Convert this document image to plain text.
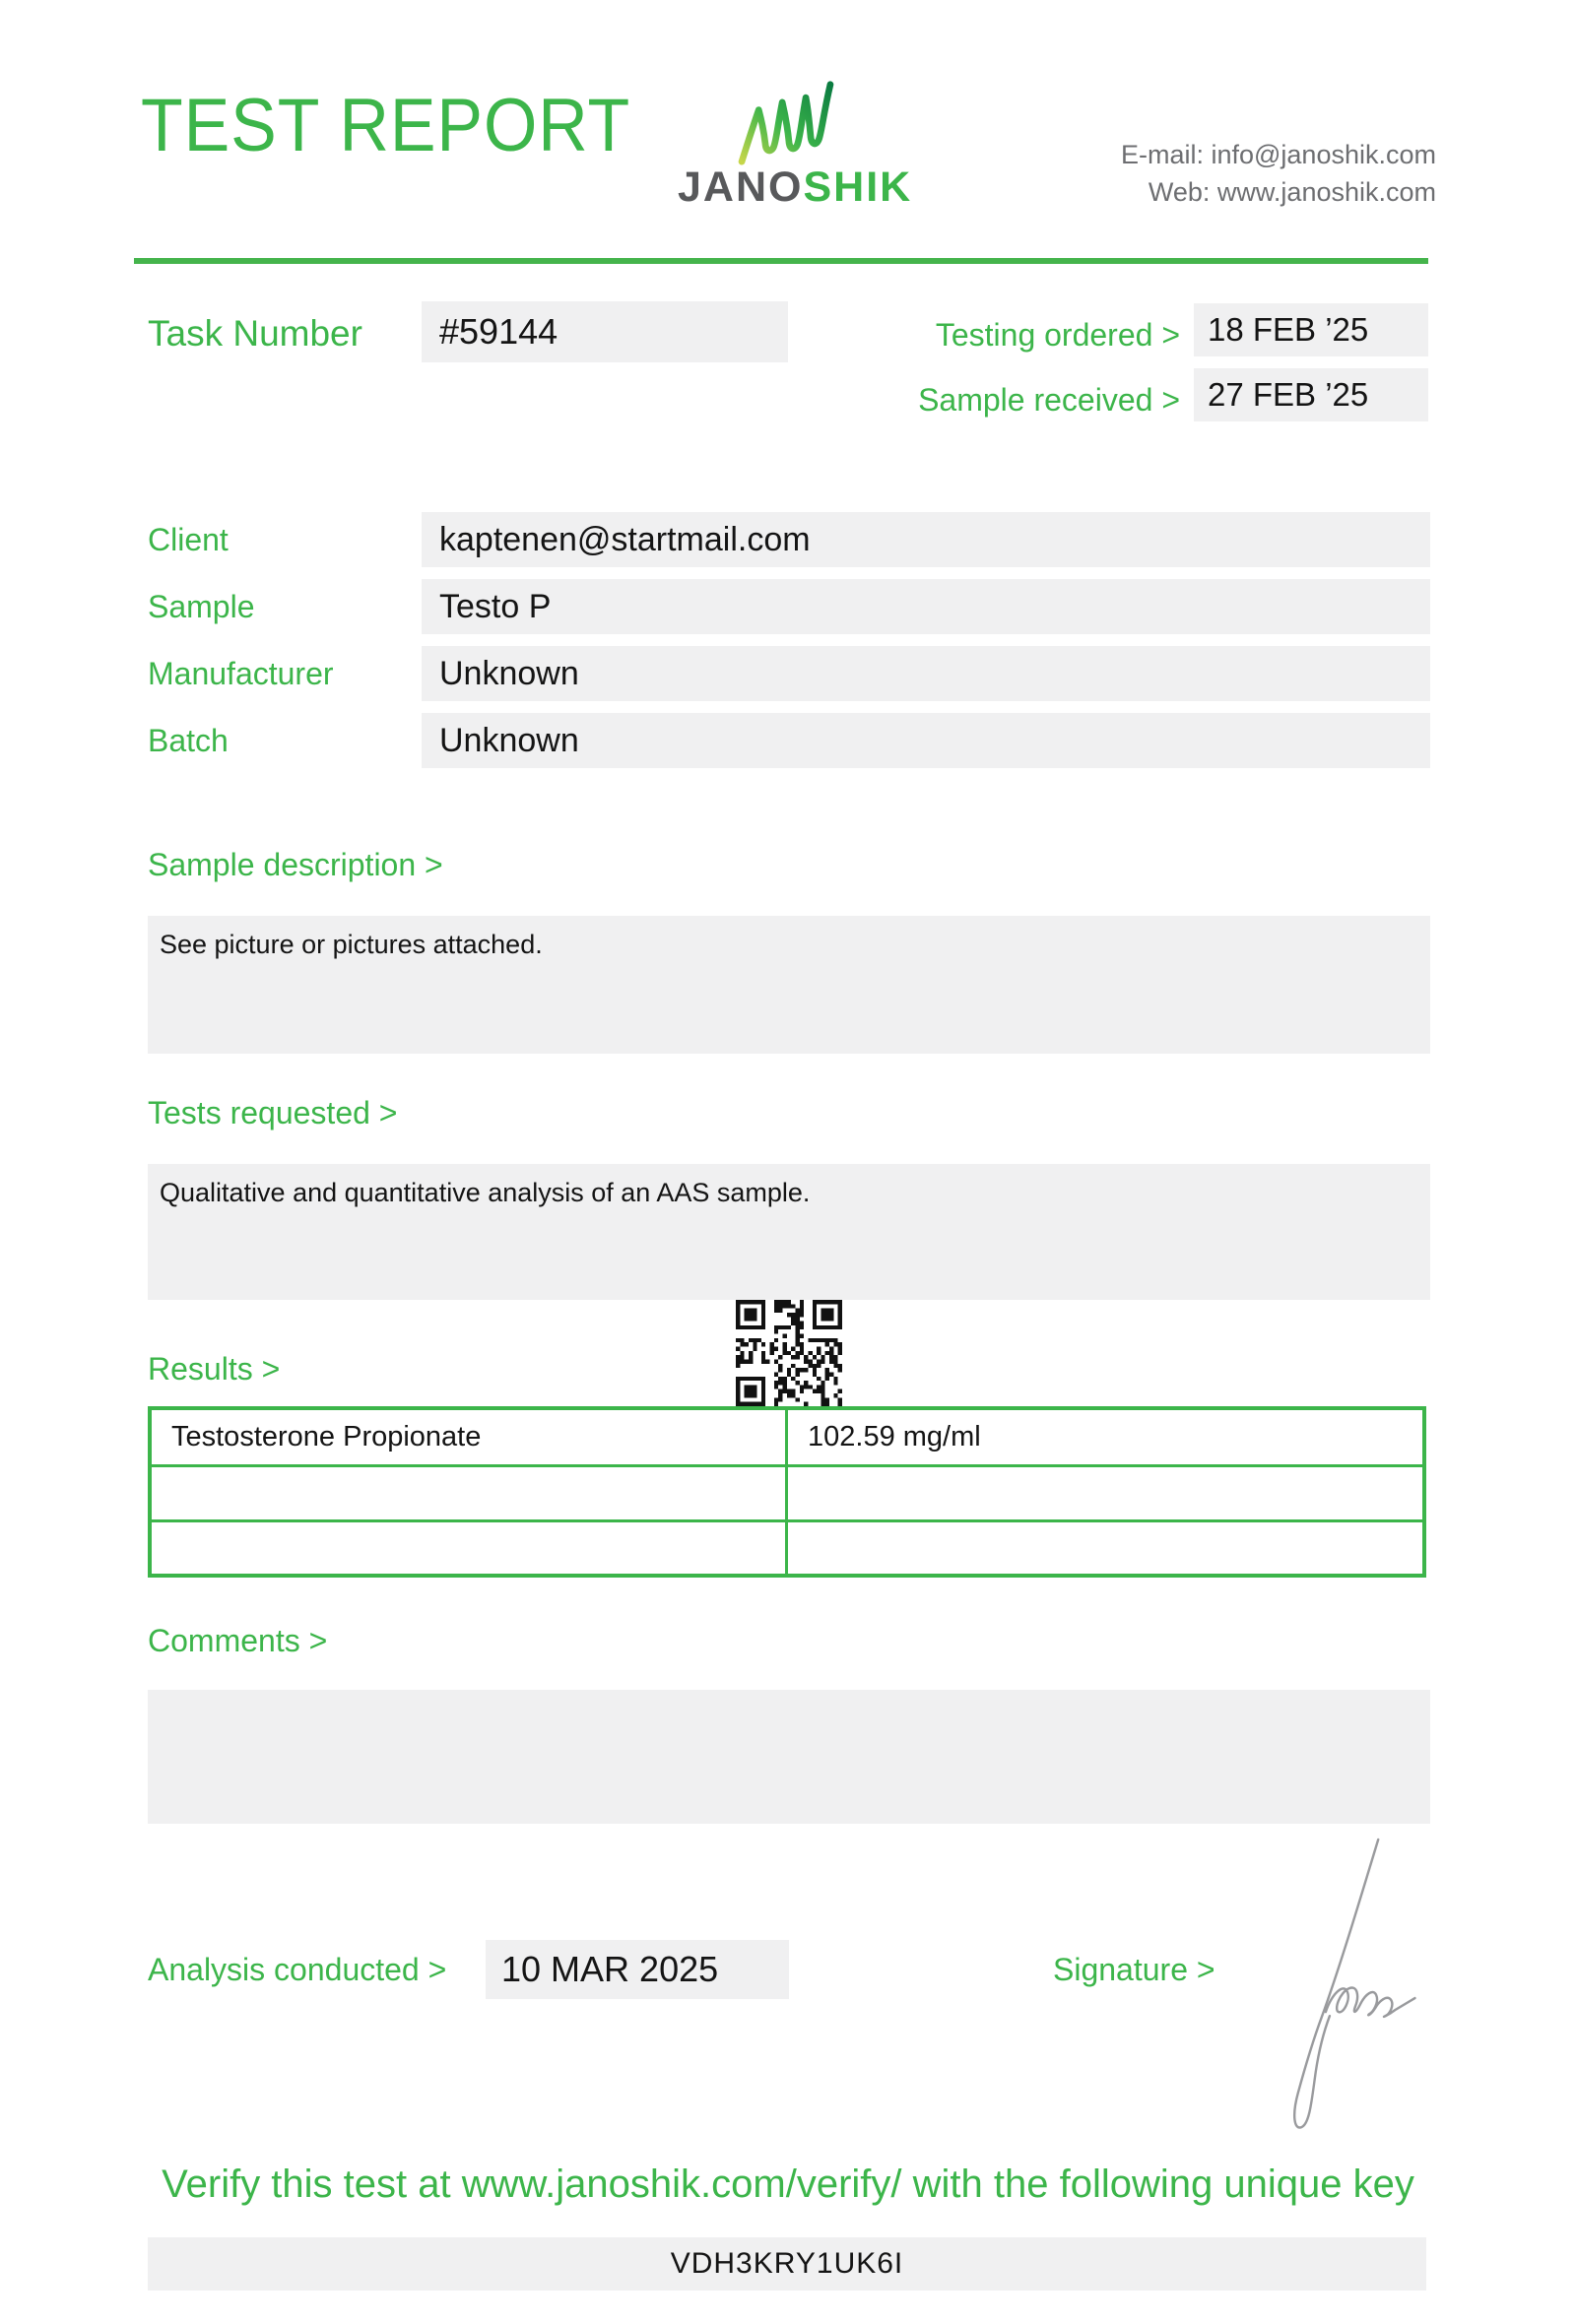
TEST REPORT
JANOSHIK
E-mail: info@janoshik.com
Web: www.janoshik.com
Task Number	#59144	Testing ordered > 18 FEB ’25
Sample received > 27 FEB ’25
Client	kaptenen@startmail.com
Sample	Testo P
Manufacturer	Unknown
Batch	Unknown
Sample description >
See picture or pictures attached.
Tests requested >
Qualitative and quantitative analysis of an AAS sample.
Results >
Testosterone Propionate	102.59 mg/ml
Comments >
Analysis conducted >	10 MAR 2025	Signature >
Verify this test at www.janoshik.com/verify/ with the following unique key
VDH3KRY1UK6I
